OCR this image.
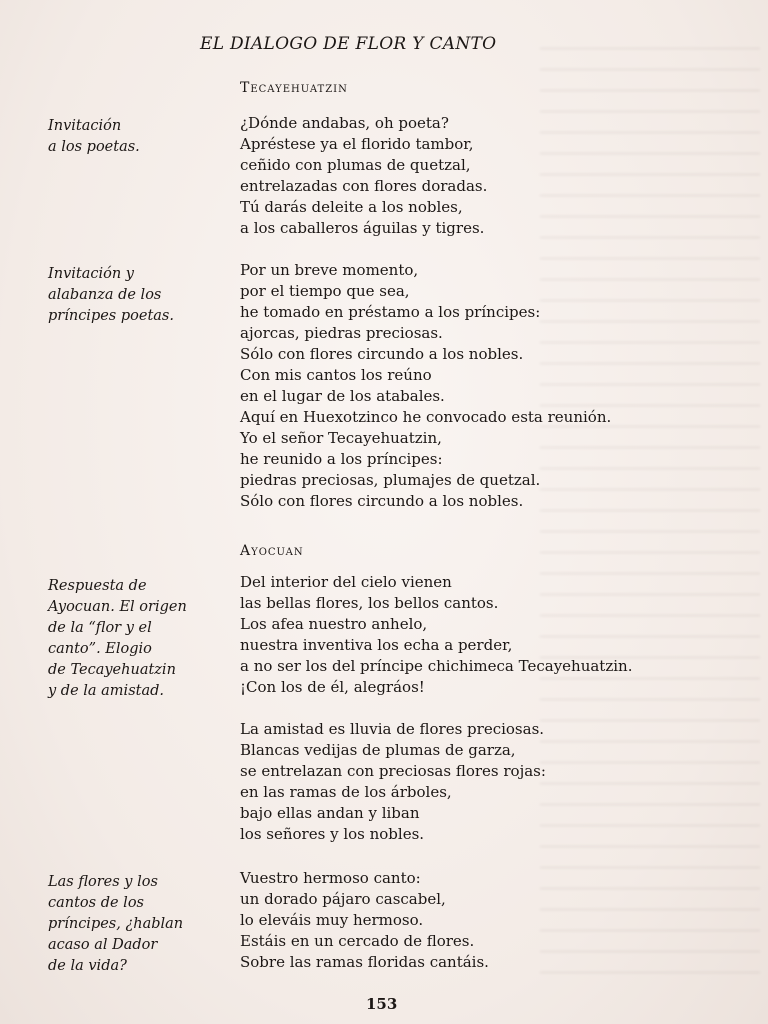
EL DIALOGO DE FLOR Y CANTO
Tecayehuatzin
Invitación
a los poetas.
¿Dónde andabas, oh poeta?
Apréstese ya el florido tambor,
ceñido con plumas de quetzal,
entrelazadas con flores doradas.
Tú darás deleite a los nobles,
a los caballeros águilas y tigres.
Invitación y
alabanza de los
príncipes poetas.
Por un breve momento,
por el tiempo que sea,
he tomado en préstamo a los príncipes:
ajorcas, piedras preciosas.
Sólo con flores circundo a los nobles.
Con mis cantos los reúno
en el lugar de los atabales.
Aquí en Huexotzinco he convocado esta reunión.
Yo el señor Tecayehuatzin,
he reunido a los príncipes:
piedras preciosas, plumajes de quetzal.
Sólo con flores circundo a los nobles.
Ayocuan
Respuesta de
Ayocuan. El origen
de la “flor y el
canto”. Elogio
de Tecayehuatzin
y de la amistad.
Del interior del cielo vienen
las bellas flores, los bellos cantos.
Los afea nuestro anhelo,
nuestra inventiva los echa a perder,
a no ser los del príncipe chichimeca Tecayehuatzin.
¡Con los de él, alegráos!
La amistad es lluvia de flores preciosas.
Blancas vedijas de plumas de garza,
se entrelazan con preciosas flores rojas:
en las ramas de los árboles,
bajo ellas andan y liban
los señores y los nobles.
Las flores y los
cantos de los
príncipes, ¿hablan
acaso al Dador
de la vida?
Vuestro hermoso canto:
un dorado pájaro cascabel,
lo eleváis muy hermoso.
Estáis en un cercado de flores.
Sobre las ramas floridas cantáis.
153
